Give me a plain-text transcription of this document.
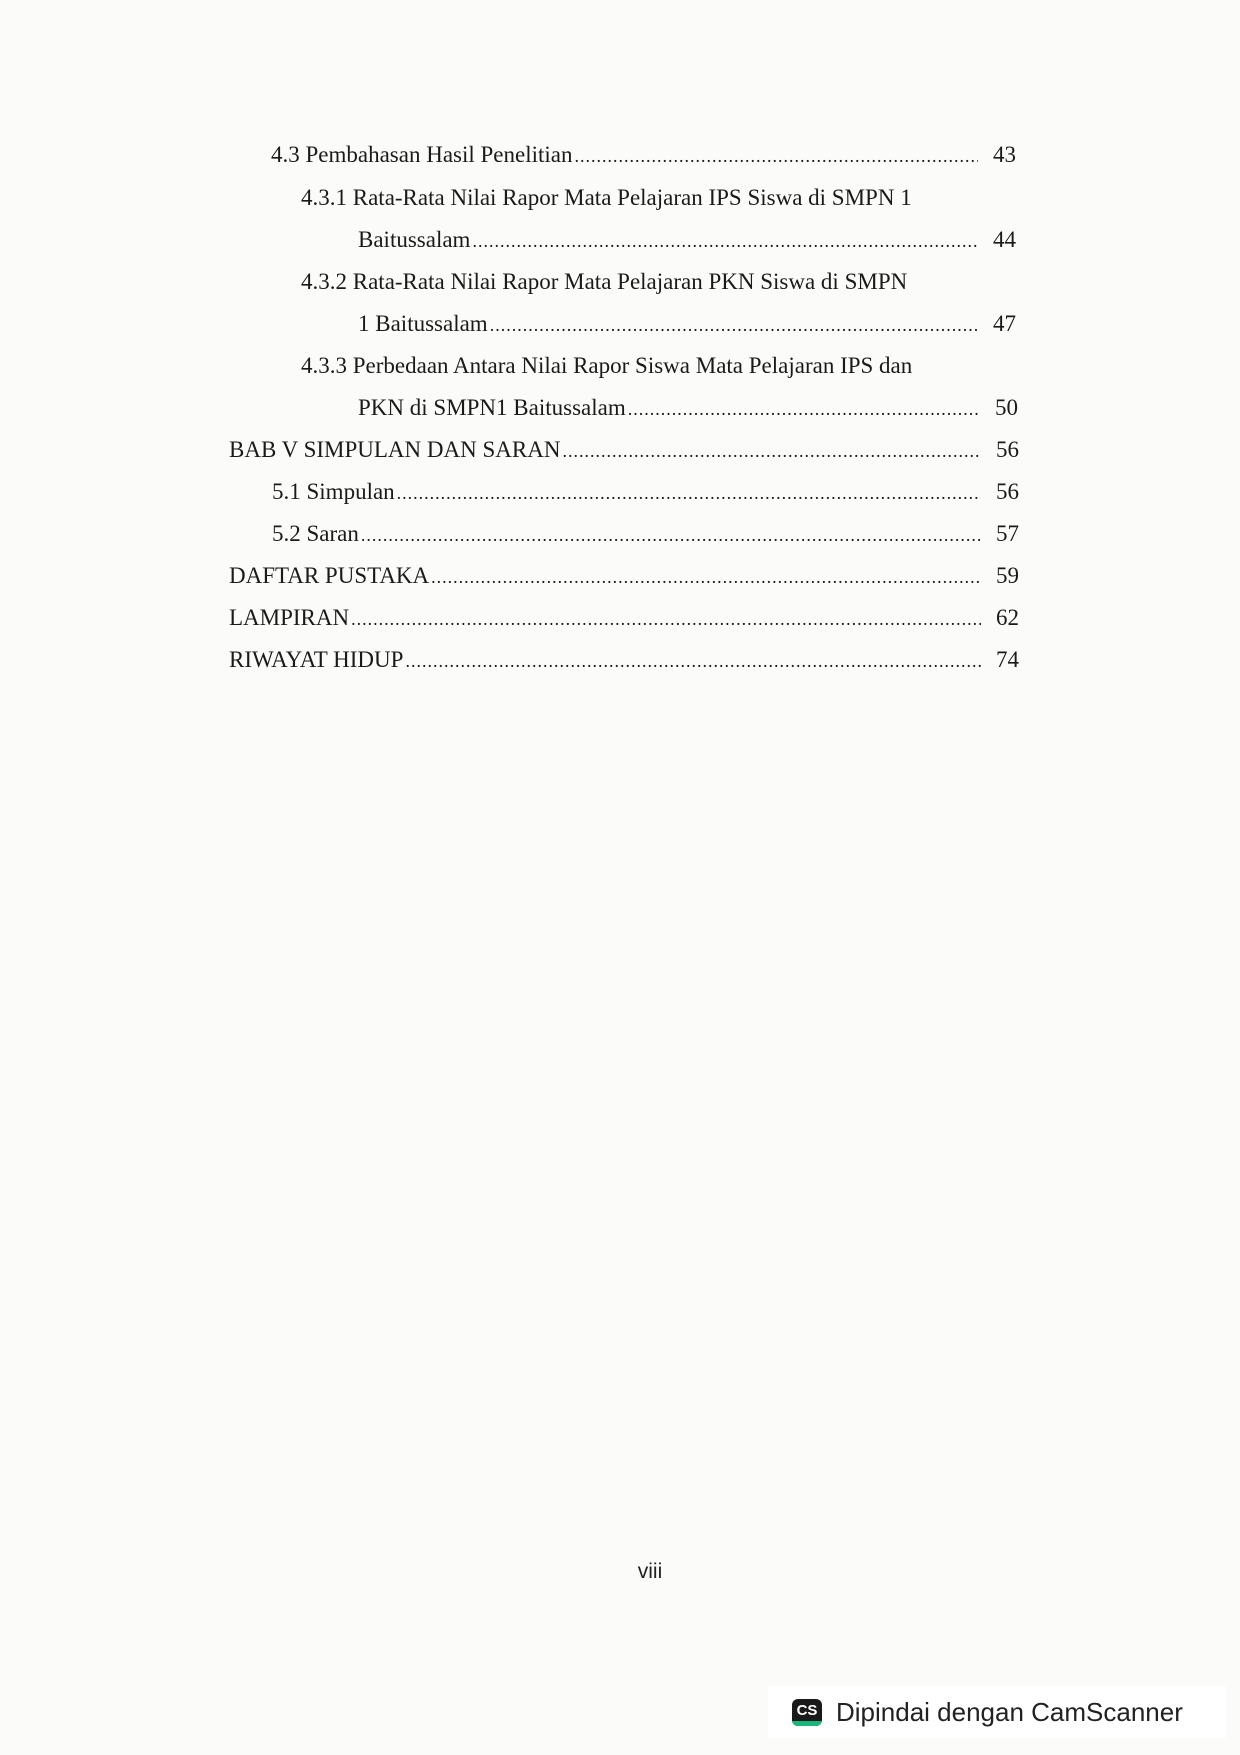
4.3 Pembahasan Hasil Penelitian .....	43
4.3.1 Rata-Rata Nilai Rapor Mata Pelajaran IPS Siswa di SMPN 1
Baitussalam .....	44
4.3.2 Rata-Rata Nilai Rapor Mata Pelajaran PKN Siswa di SMPN
1 Baitussalam .....	47
4.3.3 Perbedaan Antara Nilai Rapor Siswa Mata Pelajaran IPS dan
PKN di SMPN1 Baitussalam .....	50
BAB V SIMPULAN DAN SARAN .....	56
5.1 Simpulan .....	56
5.2 Saran .....	57
DAFTAR PUSTAKA .....	59
LAMPIRAN .....	62
RIWAYAT HIDUP .....	74
viii
CS Dipindai dengan CamScanner
